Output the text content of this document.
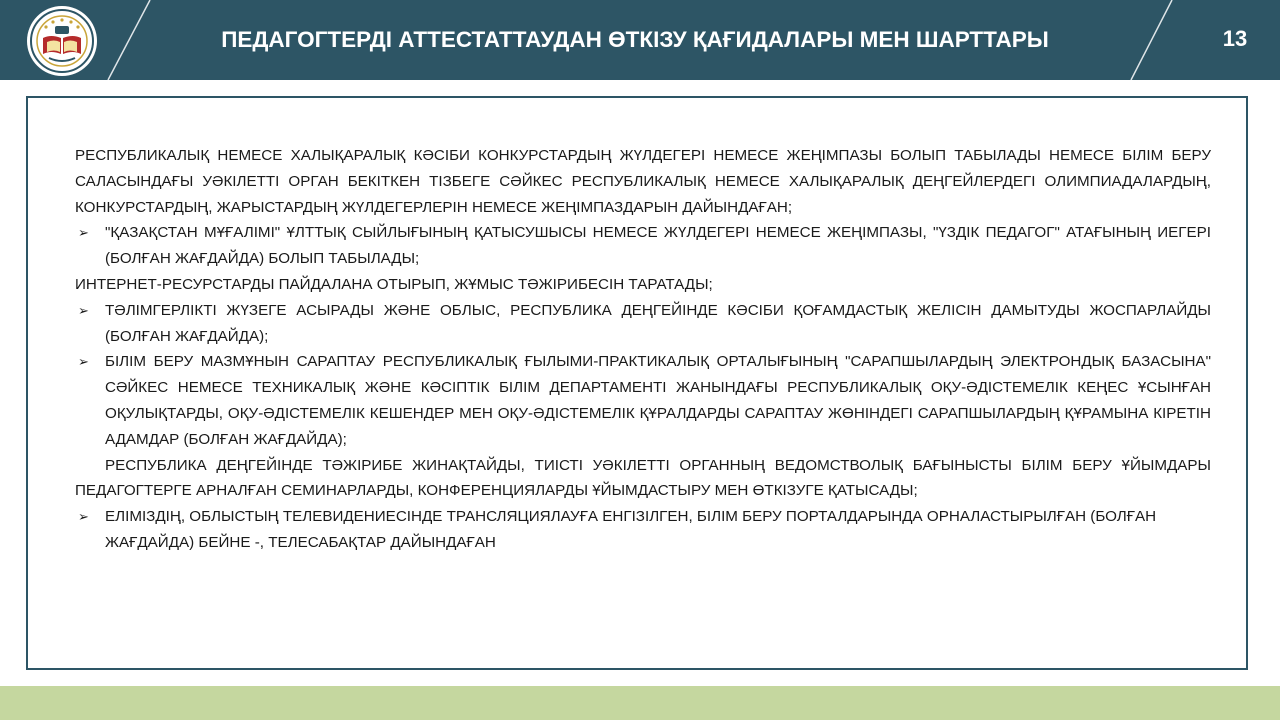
ПЕДАГОГТЕРДІ АТТЕСТАТТАУДАН ӨТКІЗУ ҚАҒИДАЛАРЫ МЕН ШАРТТАРЫ	13

РЕСПУБЛИКАЛЫҚ НЕМЕСЕ ХАЛЫҚАРАЛЫҚ КӘСІБИ КОНКУРСТАРДЫҢ ЖҮЛДЕГЕРІ НЕМЕСЕ ЖЕҢІМПАЗЫ БОЛЫП ТАБЫЛАДЫ НЕМЕСЕ БІЛІМ БЕРУ САЛАСЫНДАҒЫ УӘКІЛЕТТІ ОРГАН БЕКІТКЕН ТІЗБЕГЕ СӘЙКЕС РЕСПУБЛИКАЛЫҚ НЕМЕСЕ ХАЛЫҚАРАЛЫҚ ДЕҢГЕЙЛЕРДЕГІ ОЛИМПИАДАЛАРДЫҢ, КОНКУРСТАРДЫҢ, ЖАРЫСТАРДЫҢ ЖҮЛДЕГЕРЛЕРІН НЕМЕСЕ ЖЕҢІМПАЗДАРЫН ДАЙЫНДАҒАН;

➢ "ҚАЗАҚСТАН МҰҒАЛІМІ" ҰЛТТЫҚ СЫЙЛЫҒЫНЫҢ ҚАТЫСУШЫСЫ НЕМЕСЕ ЖҮЛДЕГЕРІ НЕМЕСЕ ЖЕҢІМПАЗЫ, "ҮЗДІК ПЕДАГОГ" АТАҒЫНЫҢ ИЕГЕРІ (БОЛҒАН ЖАҒДАЙДА) БОЛЫП ТАБЫЛАДЫ;

ИНТЕРНЕТ-РЕСУРСТАРДЫ ПАЙДАЛАНА ОТЫРЫП, ЖҰМЫС ТӘЖІРИБЕСІН ТАРАТАДЫ;

➢ ТӘЛІМГЕРЛІКТІ ЖҮЗЕГЕ АСЫРАДЫ ЖӘНЕ ОБЛЫС, РЕСПУБЛИКА ДЕҢГЕЙІНДЕ КӘСІБИ ҚОҒАМДАСТЫҚ ЖЕЛІСІН ДАМЫТУДЫ ЖОСПАРЛАЙДЫ (БОЛҒАН ЖАҒДАЙДА);
➢ БІЛІМ БЕРУ МАЗМҰНЫН САРАПТАУ РЕСПУБЛИКАЛЫҚ ҒЫЛЫМИ-ПРАКТИКАЛЫҚ ОРТАЛЫҒЫНЫҢ "САРАПШЫЛАРДЫҢ ЭЛЕКТРОНДЫҚ БАЗАСЫНА" СӘЙКЕС НЕМЕСЕ ТЕХНИКАЛЫҚ ЖӘНЕ КӘСІПТІК БІЛІМ ДЕПАРТАМЕНТІ ЖАНЫНДАҒЫ РЕСПУБЛИКАЛЫҚ ОҚУ-ӘДІСТЕМЕЛІК КЕҢЕС ҰСЫНҒАН ОҚУЛЫҚТАРДЫ, ОҚУ-ӘДІСТЕМЕЛІК КЕШЕНДЕР МЕН ОҚУ-ӘДІСТЕМЕЛІК ҚҰРАЛДАРДЫ САРАПТАУ ЖӨНІНДЕГІ САРАПШЫЛАРДЫҢ ҚҰРАМЫНА КІРЕТІН АДАМДАР (БОЛҒАН ЖАҒДАЙДА);

РЕСПУБЛИКА ДЕҢГЕЙІНДЕ ТӘЖІРИБЕ ЖИНАҚТАЙДЫ, ТИІСТІ УӘКІЛЕТТІ ОРГАННЫҢ ВЕДОМСТВОЛЫҚ БАҒЫНЫСТЫ БІЛІМ БЕРУ ҰЙЫМДАРЫ ПЕДАГОГТЕРГЕ АРНАЛҒАН СЕМИНАРЛАРДЫ, КОНФЕРЕНЦИЯЛАРДЫ ҰЙЫМДАСТЫРУ МЕН ӨТКІЗУГЕ ҚАТЫСАДЫ;

➢ ЕЛІМІЗДІҢ, ОБЛЫСТЫҢ ТЕЛЕВИДЕНИЕСІНДЕ ТРАНСЛЯЦИЯЛАУҒА ЕНГІЗІЛГЕН, БІЛІМ БЕРУ ПОРТАЛДАРЫНДА ОРНАЛАСТЫРЫЛҒАН (БОЛҒАН ЖАҒДАЙДА) БЕЙНЕ -, ТЕЛЕСАБАҚТАР ДАЙЫНДАҒАН
